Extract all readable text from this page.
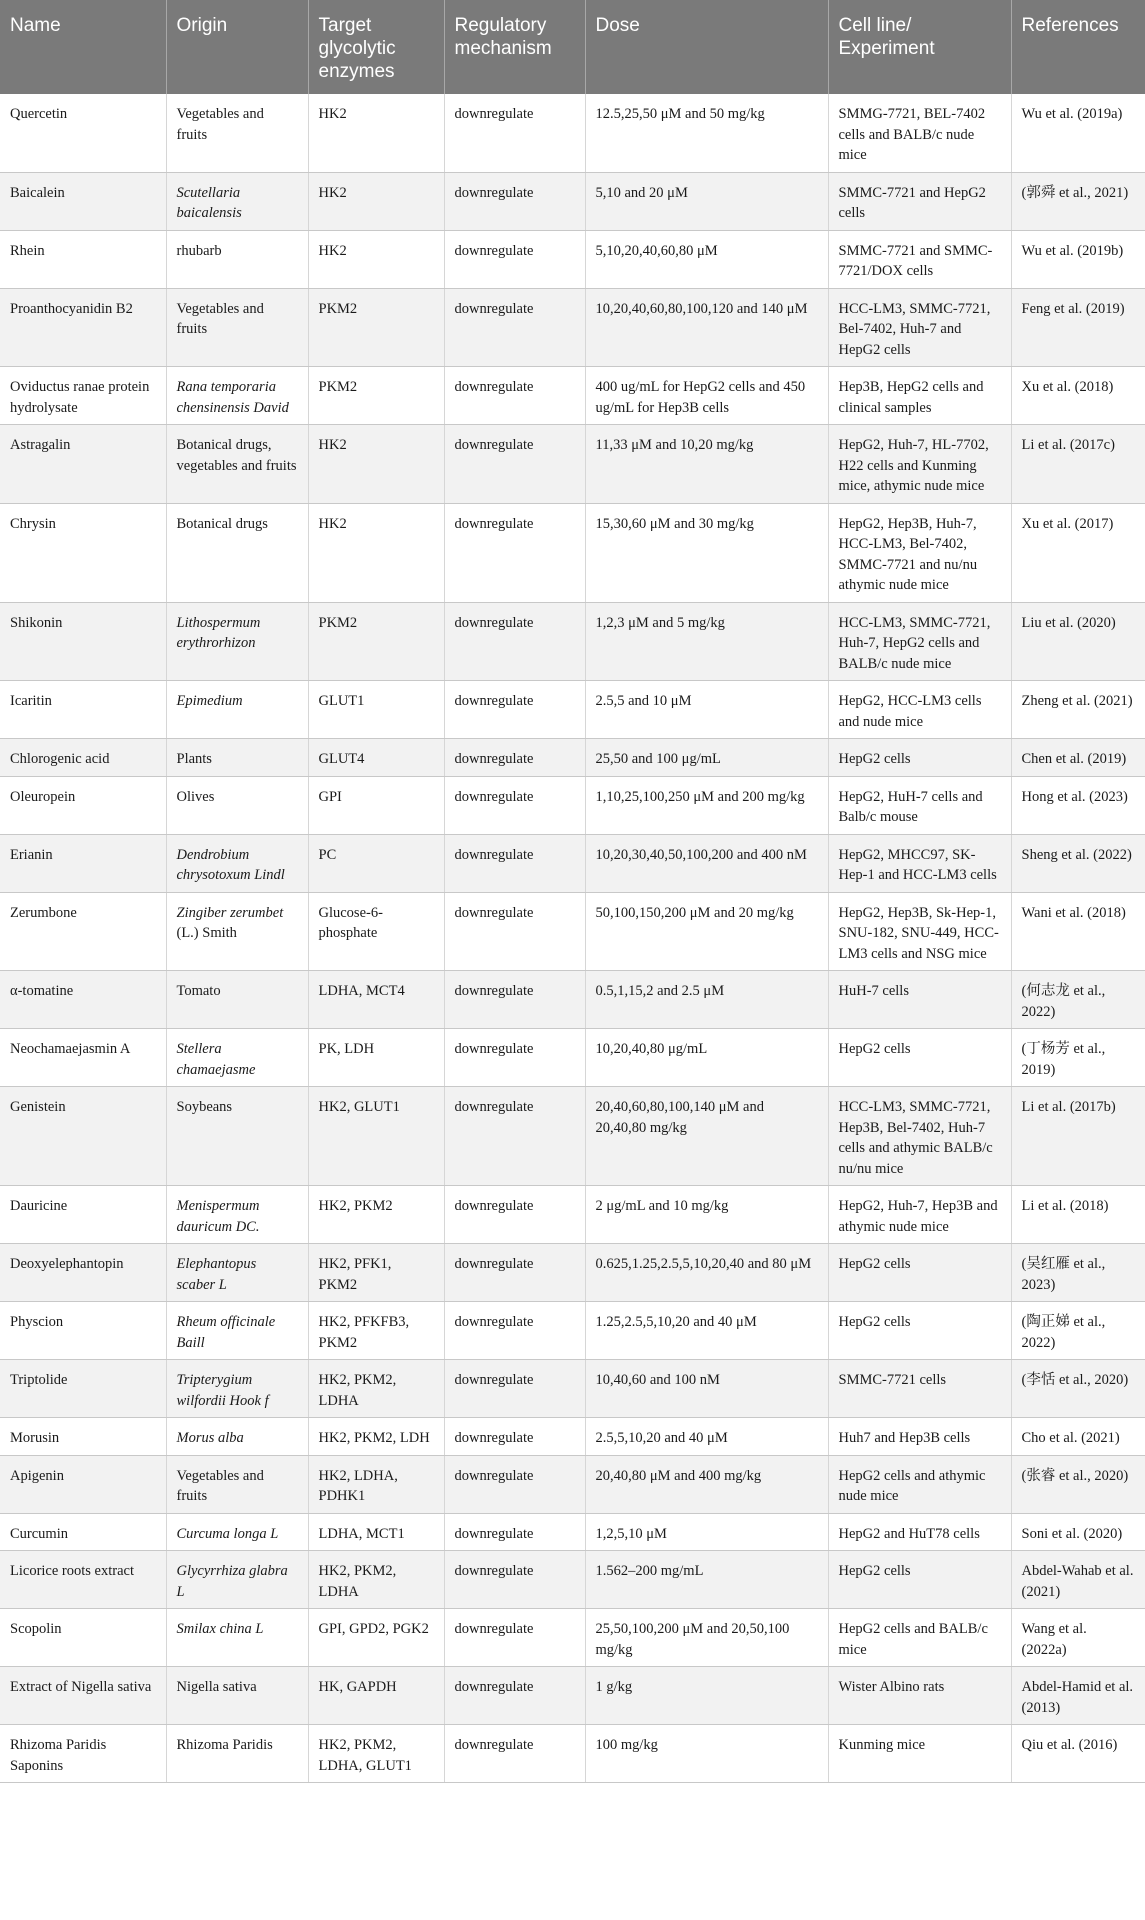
Name	Origin	Target glycolytic enzymes	Regulatory mechanism	Dose	Cell line/ Experiment	References
Quercetin	Vegetables and fruits	HK2	downregulate	12.5,25,50 μM and 50 mg/kg	SMMG-7721, BEL-7402 cells and BALB/c nude mice	Wu et al. (2019a)
Baicalein	Scutellaria baicalensis	HK2	downregulate	5,10 and 20 μM	SMMC-7721 and HepG2 cells	(郭舜 et al., 2021)
Rhein	rhubarb	HK2	downregulate	5,10,20,40,60,80 μM	SMMC-7721 and SMMC-7721/DOX cells	Wu et al. (2019b)
Proanthocyanidin B2	Vegetables and fruits	PKM2	downregulate	10,20,40,60,80,100,120 and 140 μM	HCC-LM3, SMMC-7721, Bel-7402, Huh-7 and HepG2 cells	Feng et al. (2019)
Oviductus ranae protein hydrolysate	Rana temporaria chensinensis David	PKM2	downregulate	400 ug/mL for HepG2 cells and 450 ug/mL for Hep3B cells	Hep3B, HepG2 cells and clinical samples	Xu et al. (2018)
Astragalin	Botanical drugs, vegetables and fruits	HK2	downregulate	11,33 μM and 10,20 mg/kg	HepG2, Huh-7, HL-7702, H22 cells and Kunming mice, athymic nude mice	Li et al. (2017c)
Chrysin	Botanical drugs	HK2	downregulate	15,30,60 μM and 30 mg/kg	HepG2, Hep3B, Huh-7, HCC-LM3, Bel-7402, SMMC-7721 and nu/nu athymic nude mice	Xu et al. (2017)
Shikonin	Lithospermum erythrorhizon	PKM2	downregulate	1,2,3 μM and 5 mg/kg	HCC-LM3, SMMC-7721, Huh-7, HepG2 cells and BALB/c nude mice	Liu et al. (2020)
Icaritin	Epimedium	GLUT1	downregulate	2.5,5 and 10 μM	HepG2, HCC-LM3 cells and nude mice	Zheng et al. (2021)
Chlorogenic acid	Plants	GLUT4	downregulate	25,50 and 100 μg/mL	HepG2 cells	Chen et al. (2019)
Oleuropein	Olives	GPI	downregulate	1,10,25,100,250 μM and 200 mg/kg	HepG2, HuH-7 cells and Balb/c mouse	Hong et al. (2023)
Erianin	Dendrobium chrysotoxum Lindl	PC	downregulate	10,20,30,40,50,100,200 and 400 nM	HepG2, MHCC97, SK-Hep-1 and HCC-LM3 cells	Sheng et al. (2022)
Zerumbone	Zingiber zerumbet (L.) Smith	Glucose-6-phosphate	downregulate	50,100,150,200 μM and 20 mg/kg	HepG2, Hep3B, Sk-Hep-1, SNU-182, SNU-449, HCC-LM3 cells and NSG mice	Wani et al. (2018)
α-tomatine	Tomato	LDHA, MCT4	downregulate	0.5,1,15,2 and 2.5 μM	HuH-7 cells	(何志龙 et al., 2022)
Neochamaejasmin A	Stellera chamaejasme	PK, LDH	downregulate	10,20,40,80 μg/mL	HepG2 cells	(丁杨芳 et al., 2019)
Genistein	Soybeans	HK2, GLUT1	downregulate	20,40,60,80,100,140 μM and 20,40,80 mg/kg	HCC-LM3, SMMC-7721, Hep3B, Bel-7402, Huh-7 cells and athymic BALB/c nu/nu mice	Li et al. (2017b)
Dauricine	Menispermum dauricum DC.	HK2, PKM2	downregulate	2 μg/mL and 10 mg/kg	HepG2, Huh-7, Hep3B and athymic nude mice	Li et al. (2018)
Deoxyelephantopin	Elephantopus scaber L	HK2, PFK1, PKM2	downregulate	0.625,1.25,2.5,5,10,20,40 and 80 μM	HepG2 cells	(吴红雁 et al., 2023)
Physcion	Rheum officinale Baill	HK2, PFKFB3, PKM2	downregulate	1.25,2.5,5,10,20 and 40 μM	HepG2 cells	(陶正娣 et al., 2022)
Triptolide	Tripterygium wilfordii Hook f	HK2, PKM2, LDHA	downregulate	10,40,60 and 100 nM	SMMC-7721 cells	(李恬 et al., 2020)
Morusin	Morus alba	HK2, PKM2, LDH	downregulate	2.5,5,10,20 and 40 μM	Huh7 and Hep3B cells	Cho et al. (2021)
Apigenin	Vegetables and fruits	HK2, LDHA, PDHK1	downregulate	20,40,80 μM and 400 mg/kg	HepG2 cells and athymic nude mice	(张睿 et al., 2020)
Curcumin	Curcuma longa L	LDHA, MCT1	downregulate	1,2,5,10 μM	HepG2 and HuT78 cells	Soni et al. (2020)
Licorice roots extract	Glycyrrhiza glabra L	HK2, PKM2, LDHA	downregulate	1.562–200 mg/mL	HepG2 cells	Abdel-Wahab et al. (2021)
Scopolin	Smilax china L	GPI, GPD2, PGK2	downregulate	25,50,100,200 μM and 20,50,100 mg/kg	HepG2 cells and BALB/c mice	Wang et al. (2022a)
Extract of Nigella sativa	Nigella sativa	HK, GAPDH	downregulate	1 g/kg	Wister Albino rats	Abdel-Hamid et al. (2013)
Rhizoma Paridis Saponins	Rhizoma Paridis	HK2, PKM2, LDHA, GLUT1	downregulate	100 mg/kg	Kunming mice	Qiu et al. (2016)
